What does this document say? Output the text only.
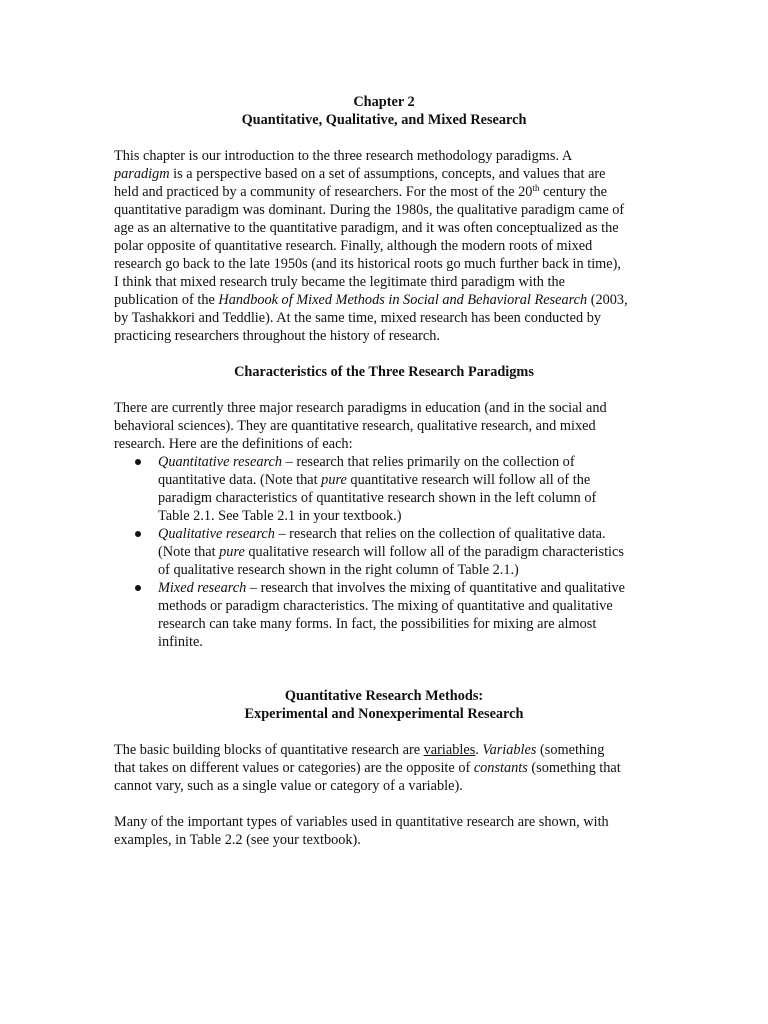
Chapter 2
Quantitative, Qualitative, and Mixed Research
This chapter is our introduction to the three research methodology paradigms. A
paradigm is a perspective based on a set of assumptions, concepts, and values that are
held and practiced by a community of researchers. For the most of the 20th century the
quantitative paradigm was dominant. During the 1980s, the qualitative paradigm came of
age as an alternative to the quantitative paradigm, and it was often conceptualized as the
polar opposite of quantitative research. Finally, although the modern roots of mixed
research go back to the late 1950s (and its historical roots go much further back in time),
I think that mixed research truly became the legitimate third paradigm with the
publication of the Handbook of Mixed Methods in Social and Behavioral Research (2003,
by Tashakkori and Teddlie). At the same time, mixed research has been conducted by
practicing researchers throughout the history of research.
Characteristics of the Three Research Paradigms
There are currently three major research paradigms in education (and in the social and
behavioral sciences). They are quantitative research, qualitative research, and mixed
research. Here are the definitions of each:
Quantitative research – research that relies primarily on the collection of
quantitative data. (Note that pure quantitative research will follow all of the
paradigm characteristics of quantitative research shown in the left column of
Table 2.1. See Table 2.1 in your textbook.)
Qualitative research – research that relies on the collection of qualitative data.
(Note that pure qualitative research will follow all of the paradigm characteristics
of qualitative research shown in the right column of Table 2.1.)
Mixed research – research that involves the mixing of quantitative and qualitative
methods or paradigm characteristics. The mixing of quantitative and qualitative
research can take many forms. In fact, the possibilities for mixing are almost
infinite.
Quantitative Research Methods:
Experimental and Nonexperimental Research
The basic building blocks of quantitative research are variables. Variables (something
that takes on different values or categories) are the opposite of constants (something that
cannot vary, such as a single value or category of a variable).
Many of the important types of variables used in quantitative research are shown, with
examples, in Table 2.2 (see your textbook).
